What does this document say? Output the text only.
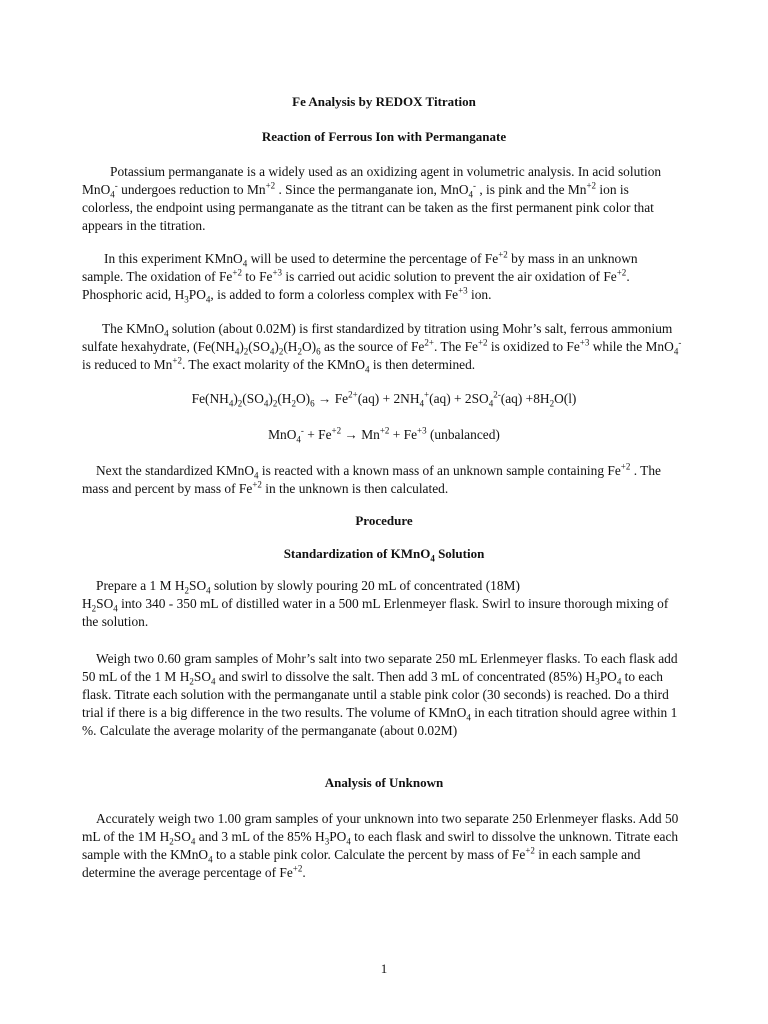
Fe Analysis by REDOX Titration
Reaction of Ferrous Ion with Permanganate

Potassium permanganate is a widely used as an oxidizing agent in volumetric analysis. In acid solution MnO$_4$- undergoes reduction to $Mn^{+2}$ . Since the permanganate ion, MnO$_4$- , is pink and the $Mn^{+2}$ ion is colorless, the endpoint using permanganate as the titrant can be taken as the first permanent pink color that appears in the titration.

In this experiment KMnO$_4$ will be used to determine the percentage of $Fe^{+2}$ by mass in an unknown sample. The oxidation of $Fe^{+2}$ to $Fe^{+3}$ is carried out acidic solution to prevent the air oxidation of $Fe^{+2}$. Phosphoric acid, $H_3PO_4$, is added to form a colorless complex with $Fe^{+3}$ ion.

The KMnO$_4$ solution (about 0.02M) is first standardized by titration using Mohr’s salt, ferrous ammonium sulfate hexahydrate, ($Fe(NH_4)_2(SO_4)_2(H_2O)_6$ as the source of $Fe^{2+}$. The $Fe^{+2}$ is oxidized to $Fe^{+3}$ while the MnO$_4$- is reduced to $Mn^{+2}$. The exact molarity of the KMnO$_4$ is then determined.

$Fe(NH_4)_2(SO_4)_2(H_2O)_6 \to Fe^{2+}(aq) + 2NH_4^+(aq) + 2SO_4^{2-}(aq) +8H_2O(l)$
$MnO_4^- + Fe^{+2} \to Mn^{+2} + Fe^{+3}$ (unbalanced)

Next the standardized KMnO$_4$ is reacted with a known mass of an unknown sample containing $Fe^{+2}$ . The mass and percent by mass of $Fe^{+2}$ in the unknown is then calculated.

Procedure
Standardization of KMnO$_4$ Solution

Prepare a 1 M $H_2SO_4$ solution by slowly pouring 20 mL of concentrated (18M)
$H_2SO_4$ into 340 - 350 mL of distilled water in a 500 mL Erlenmeyer flask. Swirl to insure thorough mixing of the solution.

Weigh two 0.60 gram samples of Mohr’s salt into two separate 250 mL Erlenmeyer flasks. To each flask add 50 mL of the 1 M $H_2SO_4$ and swirl to dissolve the salt. Then add 3 mL of concentrated (85%) $H_3PO_4$ to each flask. Titrate each solution with the permanganate until a stable pink color (30 seconds) is reached. Do a third trial if there is a big difference in the two results. The volume of KMnO$_4$ in each titration should agree within 1 %. Calculate the average molarity of the permanganate (about 0.02M)

Analysis of Unknown

Accurately weigh two 1.00 gram samples of your unknown into two separate 250 Erlenmeyer flasks. Add 50 mL of the 1M $H_2SO_4$ and 3 mL of the 85% $H_3PO_4$ to each flask and swirl to dissolve the unknown. Titrate each sample with the KMnO$_4$ to a stable pink color. Calculate the percent by mass of $Fe^{+2}$ in each sample and determine the average percentage of $Fe^{+2}$.

1
